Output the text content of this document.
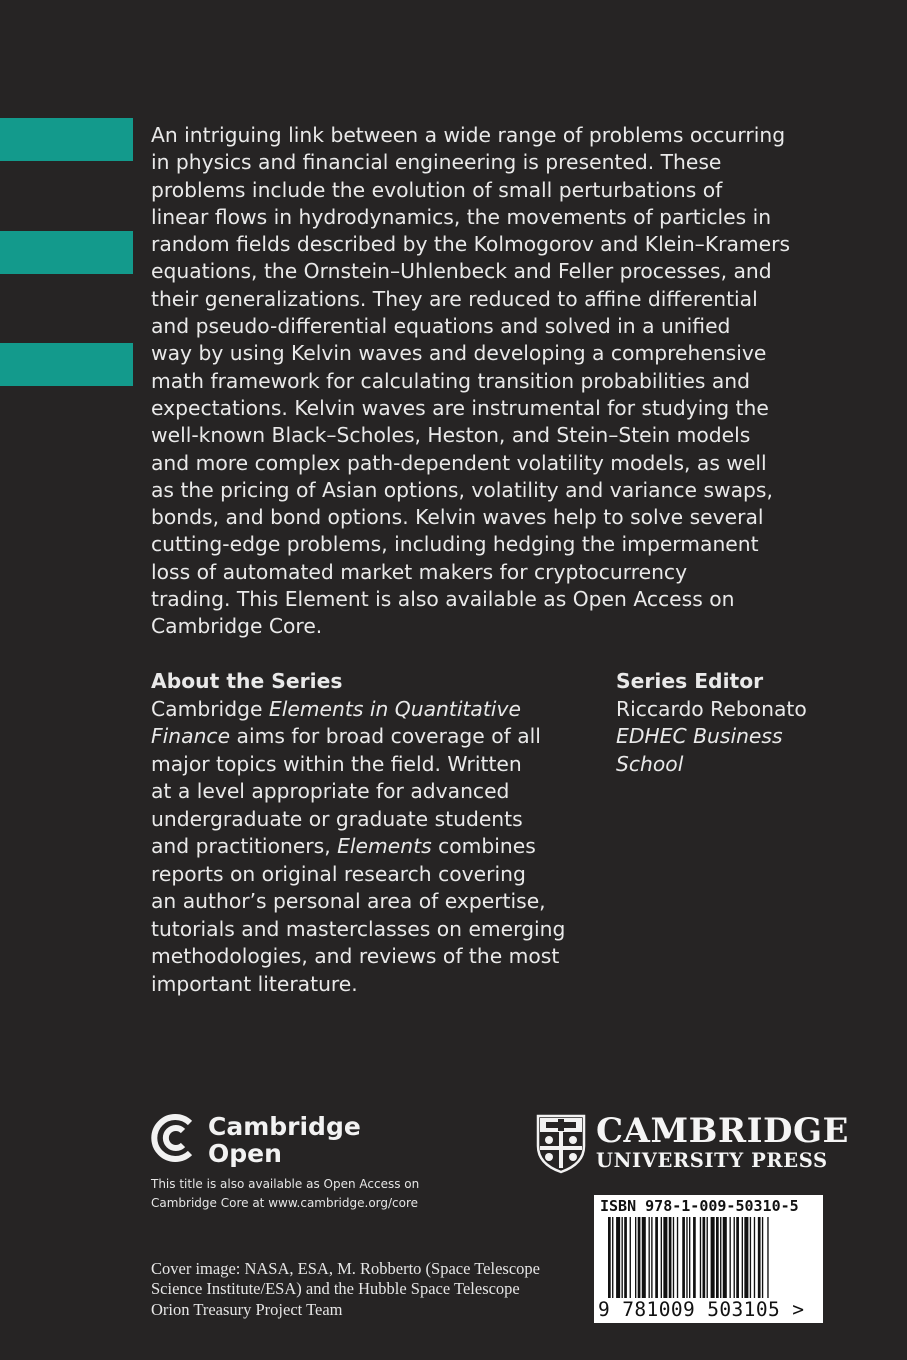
An intriguing link between a wide range of problems occurring
in physics and financial engineering is presented. These
problems include the evolution of small perturbations of
linear flows in hydrodynamics, the movements of particles in
random fields described by the Kolmogorov and Klein–Kramers
equations, the Ornstein–Uhlenbeck and Feller processes, and
their generalizations. They are reduced to affine differential
and pseudo-differential equations and solved in a unified
way by using Kelvin waves and developing a comprehensive
math framework for calculating transition probabilities and
expectations. Kelvin waves are instrumental for studying the
well-known Black–Scholes, Heston, and Stein–Stein models
and more complex path-dependent volatility models, as well
as the pricing of Asian options, volatility and variance swaps,
bonds, and bond options. Kelvin waves help to solve several
cutting-edge problems, including hedging the impermanent
loss of automated market makers for cryptocurrency
trading. This Element is also available as Open Access on
Cambridge Core.

About the Series

Cambridge Elements in Quantitative
Finance aims for broad coverage of all
major topics within the field. Written
at a level appropriate for advanced
undergraduate or graduate students
and practitioners, Elements combines
reports on original research covering
an author’s personal area of expertise,
tutorials and masterclasses on emerging
methodologies, and reviews of the most
important literature.

Series Editor

Riccardo Rebonato
EDHEC Business
School

Cambridge
Open
This title is also available as Open Access on
Cambridge Core at www.cambridge.org/core
CAMBRIDGE
UNIVERSITY PRESS
ISBN 978-1-009-50310-5
9 781009 503105 >

Cover image: NASA, ESA, M. Robberto (Space Telescope
Science Institute/ESA) and the Hubble Space Telescope
Orion Treasury Project Team
